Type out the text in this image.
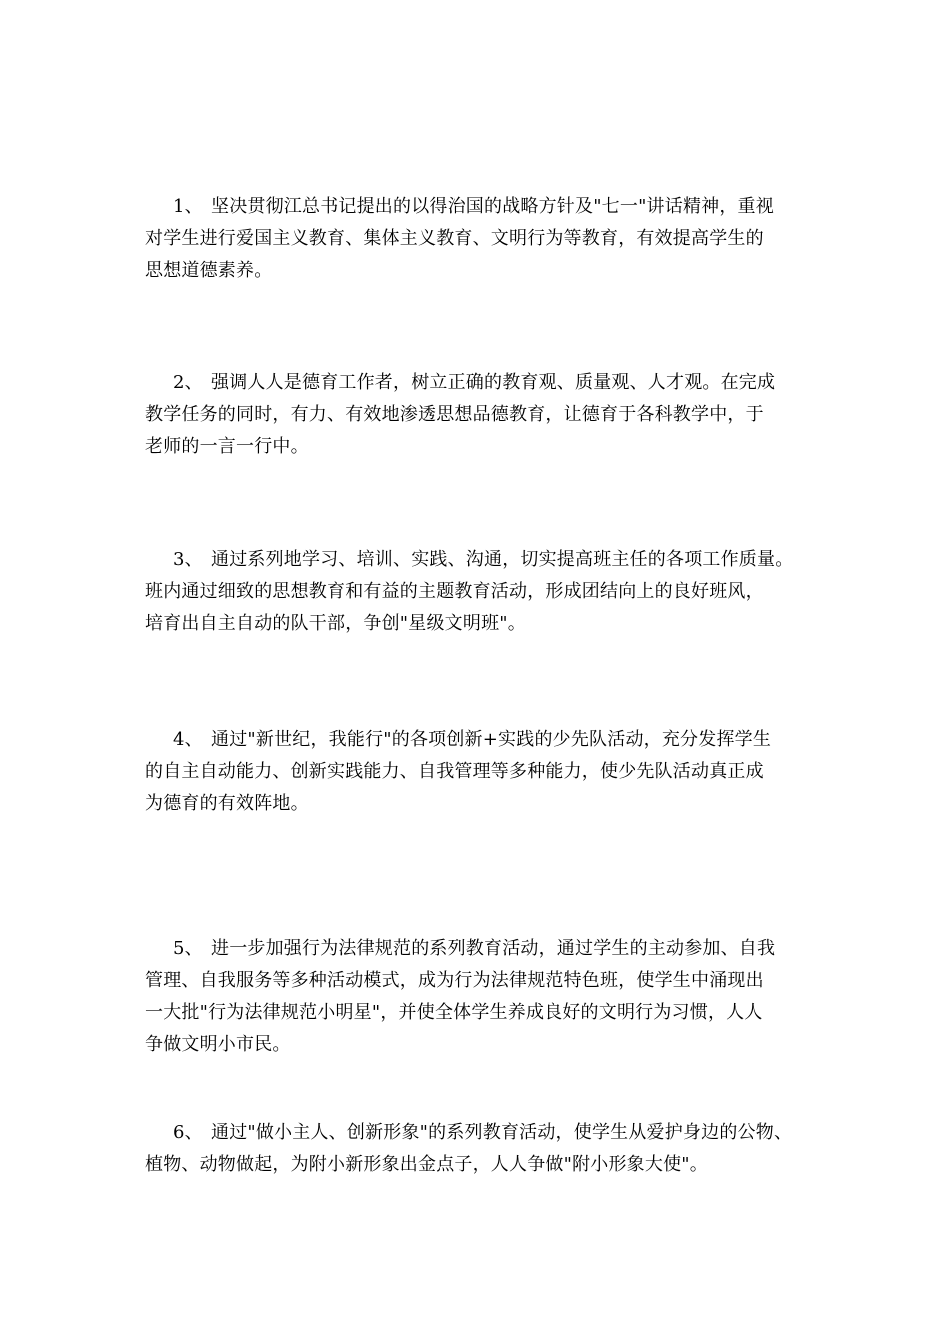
1、 坚决贯彻江总书记提出的以得治国的战略方针及"七一"讲话精神，重视
对学生进行爱国主义教育、集体主义教育、文明行为等教育，有效提高学生的
思想道德素养。
2、 强调人人是德育工作者，树立正确的教育观、质量观、人才观。在完成
教学任务的同时，有力、有效地渗透思想品德教育，让德育于各科教学中，于
老师的一言一行中。
3、 通过系列地学习、培训、实践、沟通，切实提高班主任的各项工作质量。
班内通过细致的思想教育和有益的主题教育活动，形成团结向上的良好班风，
培育出自主自动的队干部，争创"星级文明班"。
4、 通过"新世纪，我能行"的各项创新+实践的少先队活动，充分发挥学生
的自主自动能力、创新实践能力、自我管理等多种能力，使少先队活动真正成
为德育的有效阵地。
5、 进一步加强行为法律规范的系列教育活动，通过学生的主动参加、自我
管理、自我服务等多种活动模式，成为行为法律规范特色班，使学生中涌现出
一大批"行为法律规范小明星"，并使全体学生养成良好的文明行为习惯，人人
争做文明小市民。
6、 通过"做小主人、创新形象"的系列教育活动，使学生从爱护身边的公物、
植物、动物做起，为附小新形象出金点子，人人争做"附小形象大使"。
